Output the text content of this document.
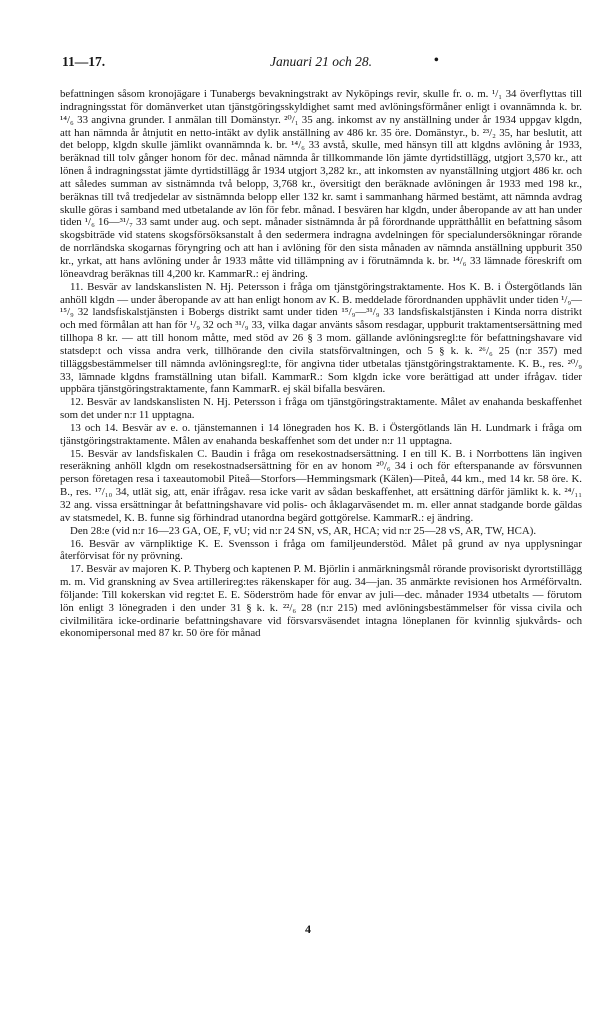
11—17.	Januari 21 och 28.	•

befattningen såsom kronojägare i Tunabergs bevakningstrakt av Nyköpings revir, skulle fr. o. m. ¹/₁ 34 överflyttas till indragningsstat för domänverket utan tjänstgöringsskyldighet samt med avlöningsförmåner enligt i ovannämnda k. br. ¹⁴/₆ 33 angivna grunder. I anmälan till Domänstyr. ²⁰/₁ 35 ang. inkomst av ny anställning under år 1934 uppgav klgdn, att han nämnda år åtnjutit en netto-intäkt av dylik anställning av 486 kr. 35 öre. Domänstyr., b. ²³/₂ 35, har beslutit, att det belopp, klgdn skulle jämlikt ovannämnda k. br. ¹⁴/₆ 33 avstå, skulle, med hänsyn till att klgdns avlöning år 1933, beräknad till tolv gånger honom för dec. månad nämnda år tillkommande lön jämte dyrtidstillägg, utgjort 3,570 kr., att lönen å indragningsstat jämte dyrtidstillägg år 1934 utgjort 3,282 kr., att inkomsten av nyanställning utgjort 486 kr. och att således summan av sistnämnda två belopp, 3,768 kr., översitigt den beräknade avlöningen år 1933 med 198 kr., beräknas till två tredjedelar av sistnämnda belopp eller 132 kr. samt i sammanhang härmed bestämt, att nämnda avdrag skulle göras i samband med utbetalande av lön för febr. månad. I besvären har klgdn, under åberopande av att han under tiden ¹/₆ 16—³¹/₇ 33 samt under aug. och sept. månader sistnämnda år på förordnande upprätthållit en befattning såsom skogsbiträde vid statens skogsförsöksanstalt å den sedermera indragna avdelningen för specialundersökningar rörande de norrländska skogarnas föryngring och att han i avlöning för den sista månaden av nämnda anställning uppburit 350 kr., yrkat, att hans avlöning under år 1933 måtte vid tillämpning av i förutnämnda k. br. ¹⁴/₆ 33 lämnade föreskrift om löneavdrag beräknas till 4,200 kr. KammarR.: ej ändring.

11. Besvär av landskanslisten N. Hj. Petersson i fråga om tjänstgöringstraktamente. Hos K. B. i Östergötlands län anhöll klgdn — under åberopande av att han enligt honom av K. B. meddelade förordnanden upphävlit under tiden ¹/₉—¹⁵/₉ 32 landsfiskalstjänsten i Bobergs distrikt samt under tiden ¹⁵/₉—³¹/₉ 33 landsfiskalstjänsten i Kinda norra distrikt och med förmålan att han för ¹/₉ 32 och ³¹/₉ 33, vilka dagar använts såsom resdagar, uppburit traktamentsersättning med tillhopa 8 kr. — att till honom måtte, med stöd av 26 § 3 mom. gällande avlöningsregl:te för befattningshavare vid statsdep:t och vissa andra verk, tillhörande den civila statsförvaltningen, och 5 § k. k. ²⁶/₆ 25 (n:r 357) med tilläggsbestämmelser till nämnda avlöningsregl:te, för angivna tider utbetalas tjänstgöringstraktamente. K. B., res. ²⁰/₉ 33, lämnade klgdns framställning utan bifall. KammarR.: Som klgdn icke vore berättigad att under ifrågav. tider uppbära tjänstgöringstraktamente, fann KammarR. ej skäl bifalla besvären.

12. Besvär av landskanslisten N. Hj. Petersson i fråga om tjänstgöringstraktamente. Målet av enahanda beskaffenhet som det under n:r 11 upptagna.

13 och 14. Besvär av e. o. tjänstemannen i 14 lönegraden hos K. B. i Östergötlands län H. Lundmark i fråga om tjänstgöringstraktamente. Målen av enahanda beskaffenhet som det under n:r 11 upptagna.

15. Besvär av landsfiskalen C. Baudin i fråga om resekostnadsersättning. I en till K. B. i Norrbottens län ingiven reseräkning anhöll klgdn om resekostnadsersättning för en av honom ²⁰/₆ 34 i och för efterspanande av försvunnen person företagen resa i taxeautomobil Piteå—Storfors—Hemmingsmark (Kälen)—Piteå, 44 km., med 14 kr. 58 öre. K. B., res. ¹⁷/₁₀ 34, utlät sig, att, enär ifrågav. resa icke varit av sådan beskaffenhet, att ersättning därför jämlikt k. k. ²⁴/₁₁ 32 ang. vissa ersättningar åt befattningshavare vid polis- och åklagarväsendet m. m. eller annat stadgande borde gäldas av statsmedel, K. B. funne sig förhindrad utanordna begärd gottgörelse. KammarR.: ej ändring.

Den 28:e (vid n:r 16—23 GA, OE, F, vU; vid n:r 24 SN, vS, AR, HCA; vid n:r 25—28 vS, AR, TW, HCA).

16. Besvär av värnpliktige K. E. Svensson i fråga om familjeunderstöd. Målet på grund av nya upplysningar återförvisat för ny prövning.

17. Besvär av majoren K. P. Thyberg och kaptenen P. M. Björlin i anmärkningsmål rörande provisoriskt dyrortstillägg m. m. Vid granskning av Svea artillerireg:tes räkenskaper för aug. 34—jan. 35 anmärkte revisionen hos Arméförvaltn. följande: Till kokerskan vid reg:tet E. E. Söderström hade för envar av juli—dec. månader 1934 utbetalts — förutom lön enligt 3 lönegraden i den under 31 § k. k. ²²/₆ 28 (n:r 215) med avlöningsbestämmelser för vissa civila och civilmilitära icke-ordinarie befattningshavare vid försvarsväsendet intagna löneplanen för kvinnlig sjukvårds- och ekonomipersonal med 87 kr. 50 öre för månad

4
